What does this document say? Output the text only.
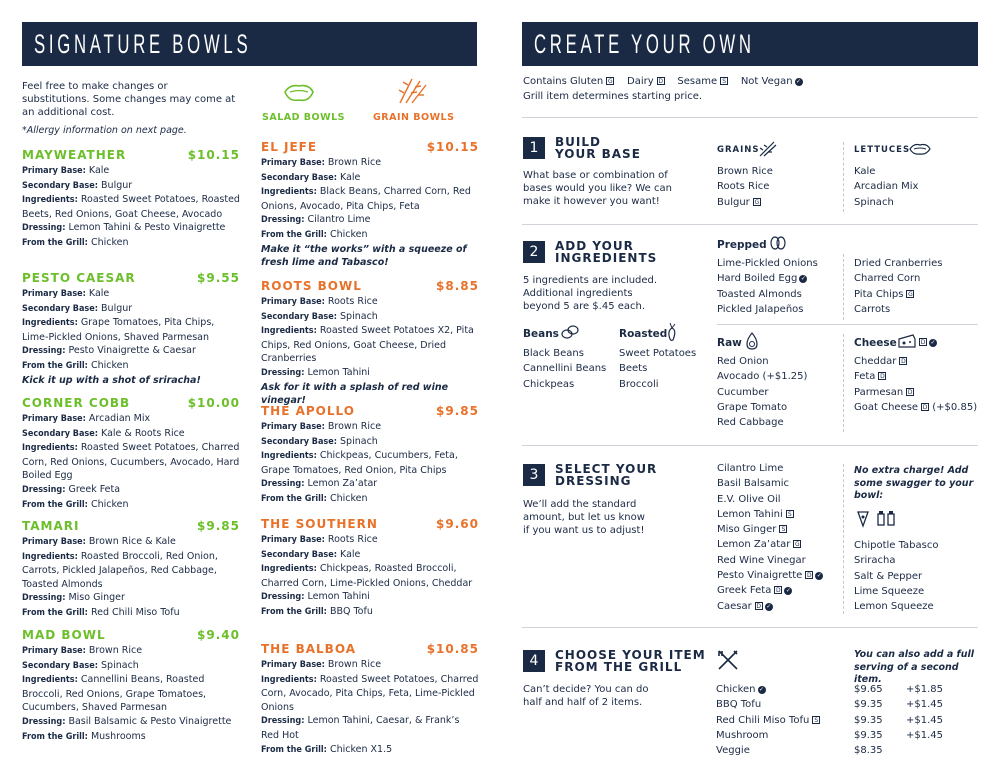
SIGNATURE BOWLS
Feel free to make changes or substitutions. Some changes may come at an additional cost.
*Allergy information on next page.
SALAD BOWLS	GRAIN BOWLS
MAYWEATHER	$10.15
Primary Base: Kale
Secondary Base: Bulgur
Ingredients: Roasted Sweet Potatoes, Roasted Beets, Red Onions, Goat Cheese, Avocado
Dressing: Lemon Tahini & Pesto Vinaigrette
From the Grill: Chicken
PESTO CAESAR	$9.55
Primary Base: Kale
Secondary Base: Bulgur
Ingredients: Grape Tomatoes, Pita Chips, Lime-Pickled Onions, Shaved Parmesan
Dressing: Pesto Vinaigrette & Caesar
From the Grill: Chicken
Kick it up with a shot of sriracha!
CORNER COBB	$10.00
Primary Base: Arcadian Mix
Secondary Base: Kale & Roots Rice
Ingredients: Roasted Sweet Potatoes, Charred Corn, Red Onions, Cucumbers, Avocado, Hard Boiled Egg
Dressing: Greek Feta
From the Grill: Chicken
TAMARI	$9.85
Primary Base: Brown Rice & Kale
Ingredients: Roasted Broccoli, Red Onion, Carrots, Pickled Jalapeños, Red Cabbage, Toasted Almonds
Dressing: Miso Ginger
From the Grill: Red Chili Miso Tofu
MAD BOWL	$9.40
Primary Base: Brown Rice
Secondary Base: Spinach
Ingredients: Cannellini Beans, Roasted Broccoli, Red Onions, Grape Tomatoes, Cucumbers, Shaved Parmesan
Dressing: Basil Balsamic & Pesto Vinaigrette
From the Grill: Mushrooms
EL JEFE	$10.15
Primary Base: Brown Rice
Secondary Base: Kale
Ingredients: Black Beans, Charred Corn, Red Onions, Avocado, Pita Chips, Feta
Dressing: Cilantro Lime
From the Grill: Chicken
Make it “the works” with a squeeze of fresh lime and Tabasco!
ROOTS BOWL	$8.85
Primary Base: Roots Rice
Secondary Base: Spinach
Ingredients: Roasted Sweet Potatoes X2, Pita Chips, Red Onions, Goat Cheese, Dried Cranberries
Dressing: Lemon Tahini
Ask for it with a splash of red wine vinegar!
THE APOLLO	$9.85
Primary Base: Brown Rice
Secondary Base: Spinach
Ingredients: Chickpeas, Cucumbers, Feta, Grape Tomatoes, Red Onion, Pita Chips
Dressing: Lemon Za’atar
From the Grill: Chicken
THE SOUTHERN	$9.60
Primary Base: Roots Rice
Secondary Base: Kale
Ingredients: Chickpeas, Roasted Broccoli, Charred Corn, Lime-Pickled Onions, Cheddar
Dressing: Lemon Tahini
From the Grill: BBQ Tofu
THE BALBOA	$10.85
Primary Base: Brown Rice
Ingredients: Roasted Sweet Potatoes, Charred Corn, Avocado, Pita Chips, Feta, Lime-Pickled Onions
Dressing: Lemon Tahini, Caesar, & Frank’s Red Hot
From the Grill: Chicken X1.5
CREATE YOUR OWN
Contains Gluten G Dairy D Sesame S Not Vegan ✓
Grill item determines starting price.
1	BUILD
YOUR BASE
What base or combination of bases would you like? We can make it however you want!
GRAINS
Brown Rice
Roots Rice
Bulgur G
LETTUCES
Kale
Arcadian Mix
Spinach
2	ADD YOUR
INGREDIENTS
5 ingredients are included. Additional ingredients beyond 5 are $.45 each.
Beans
Black Beans
Cannellini Beans
Chickpeas
Roasted
Sweet Potatoes
Beets
Broccoli
Prepped
Lime-Pickled Onions
Hard Boiled Egg ✓
Toasted Almonds
Pickled Jalapeños
Dried Cranberries
Charred Corn
Pita Chips G
Carrots
Raw
Red Onion
Avocado (+$1.25)
Cucumber
Grape Tomato
Red Cabbage
Cheese	D ✓
Cheddar D
Feta D
Parmesan D
Goat Cheese D (+$0.85)
3	SELECT YOUR
DRESSING
We’ll add the standard amount, but let us know if you want us to adjust!
Cilantro Lime
Basil Balsamic
E.V. Olive Oil
Lemon Tahini S
Miso Ginger S
Lemon Za’atar G
Red Wine Vinegar
Pesto Vinaigrette D ✓
Greek Feta D ✓
Caesar D ✓
No extra charge! Add some swagger to your bowl:
Chipotle Tabasco
Sriracha
Salt & Pepper
Lime Squeeze
Lemon Squeeze
4	CHOOSE YOUR ITEM
FROM THE GRILL
Can’t decide? You can do half and half of 2 items.
You can also add a full serving of a second item.
Chicken ✓	$9.65	+$1.85
BBQ Tofu	$9.35	+$1.45
Red Chili Miso Tofu S	$9.35	+$1.45
Mushroom	$9.35	+$1.45
Veggie	$8.35
